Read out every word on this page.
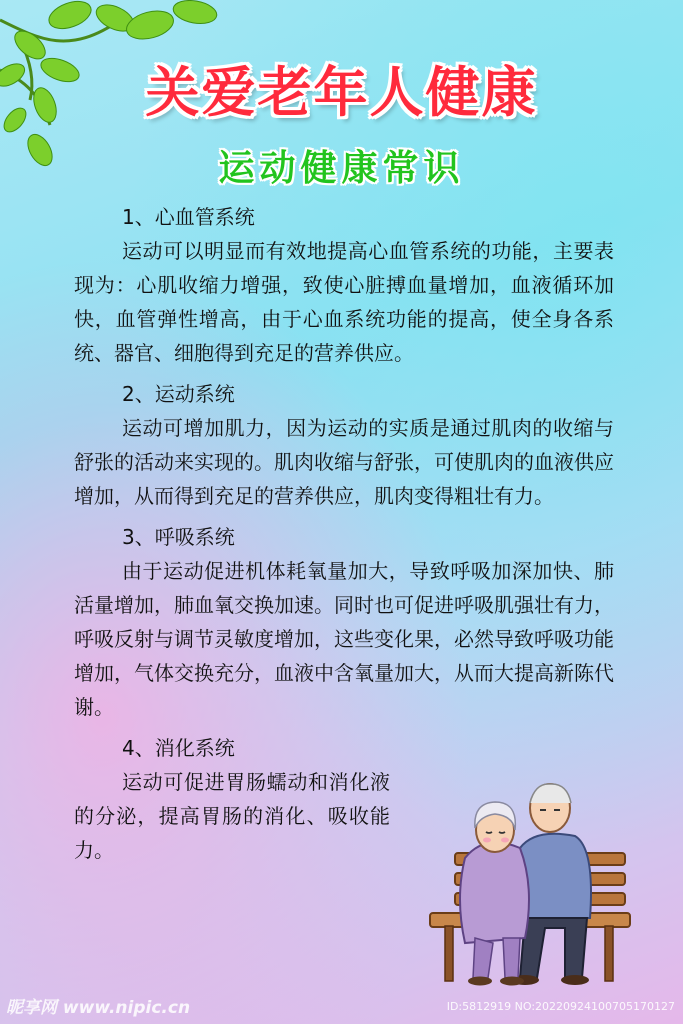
关爱老年人健康
运动健康常识
1、心血管系统
运动可以明显而有效地提高心血管系统的功能，主要表现为：心肌收缩力增强，致使心脏搏血量增加，血液循环加快，血管弹性增高，由于心血系统功能的提高，使全身各系统、器官、细胞得到充足的营养供应。
2、运动系统
运动可增加肌力，因为运动的实质是通过肌肉的收缩与舒张的活动来实现的。肌肉收缩与舒张，可使肌肉的血液供应增加，从而得到充足的营养供应，肌肉变得粗壮有力。
3、呼吸系统
由于运动促进机体耗氧量加大，导致呼吸加深加快、肺活量增加，肺血氧交换加速。同时也可促进呼吸肌强壮有力，呼吸反射与调节灵敏度增加，这些变化果，必然导致呼吸功能增加，气体交换充分，血液中含氧量加大，从而大提高新陈代谢。
4、消化系统
运动可促进胃肠蠕动和消化液的分泌，提高胃肠的消化、吸收能力。
昵享网 www.nipic.cn	ID:5812919 NO:20220924100705170127
